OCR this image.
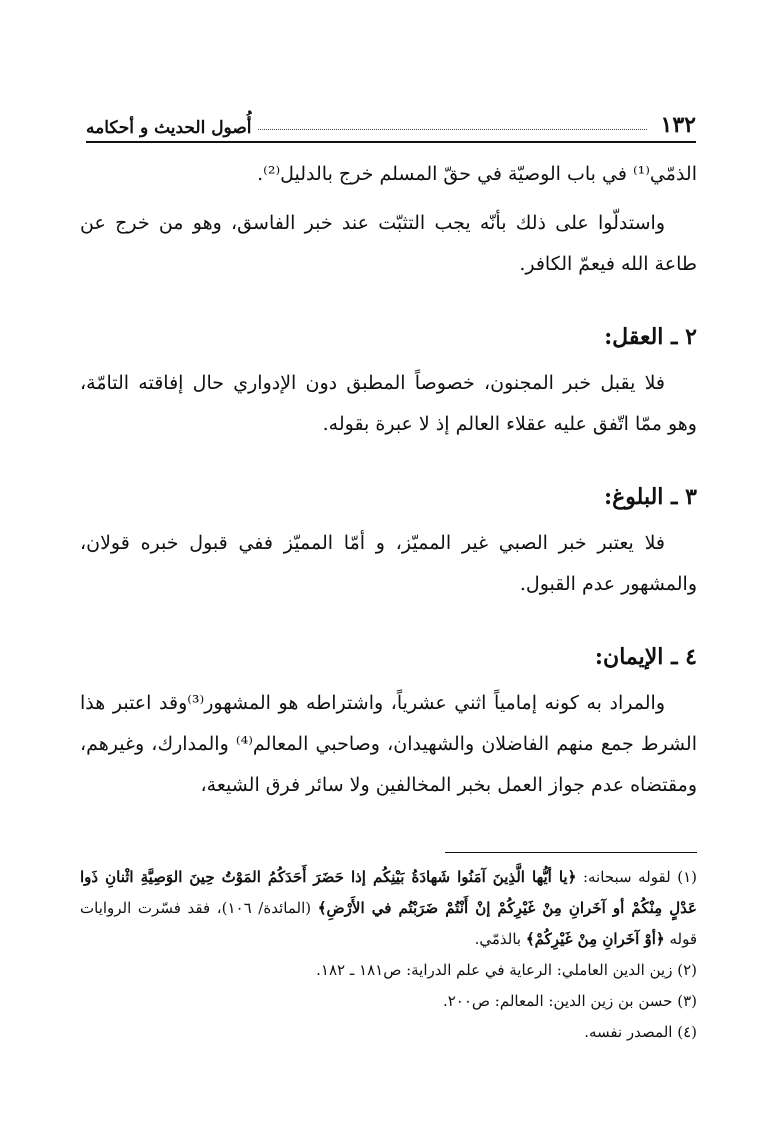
١٣٢
أُصول الحديث و أحكامه

الذمّي⁽¹⁾ في باب الوصيّة في حقّ المسلم خرج بالدليل⁽²⁾.

واستدلّوا على ذلك بأنّه يجب التثبّت عند خبر الفاسق، وهو من خرج عن طاعة الله فيعمّ الكافر.

٢ ـ العقل:

فلا يقبل خبر المجنون، خصوصاً المطبق دون الإدواري حال إفاقته التامّة، وهو ممّا اتّفق عليه عقلاء العالم إذ لا عبرة بقوله.

٣ ـ البلوغ:

فلا يعتبر خبر الصبي غير المميّز، و أمّا المميّز ففي قبول خبره قولان، والمشهور عدم القبول.

٤ ـ الإيمان:

والمراد به كونه إمامياً اثني عشرياً، واشتراطه هو المشهور⁽³⁾وقد اعتبر هذا الشرط جمع منهم الفاضلان والشهيدان، وصاحبي المعالم⁽⁴⁾ والمدارك، وغيرهم، ومقتضاه عدم جواز العمل بخبر المخالفين ولا سائر فرق الشيعة،

(١) لقوله سبحانه: ﴿يا أيُّها الَّذِينَ آمَنُوا شَهادَةُ بَيْنِكُم إذا حَضَرَ أَحَدَكُمُ المَوْتُ حِينَ الوَصِيَّةِ اثْنانِ ذَوا عَدْلٍ مِنْكُمْ أو آخَرانِ مِنْ غَيْرِكُمْ إنْ أَنْتُمْ ضَرَبْتُم في الأَرْضِ﴾ (المائدة/ ١٠٦)، فقد فسّرت الروايات قوله ﴿أوْ آخَرانِ مِنْ غَيْرِكُمْ﴾ بالذمّي.

(٢) زين الدين العاملي: الرعاية في علم الدراية: ص١٨١ ـ ١٨٢.

(٣) حسن بن زين الدين: المعالم: ص٢٠٠.

(٤) المصدر نفسه.
